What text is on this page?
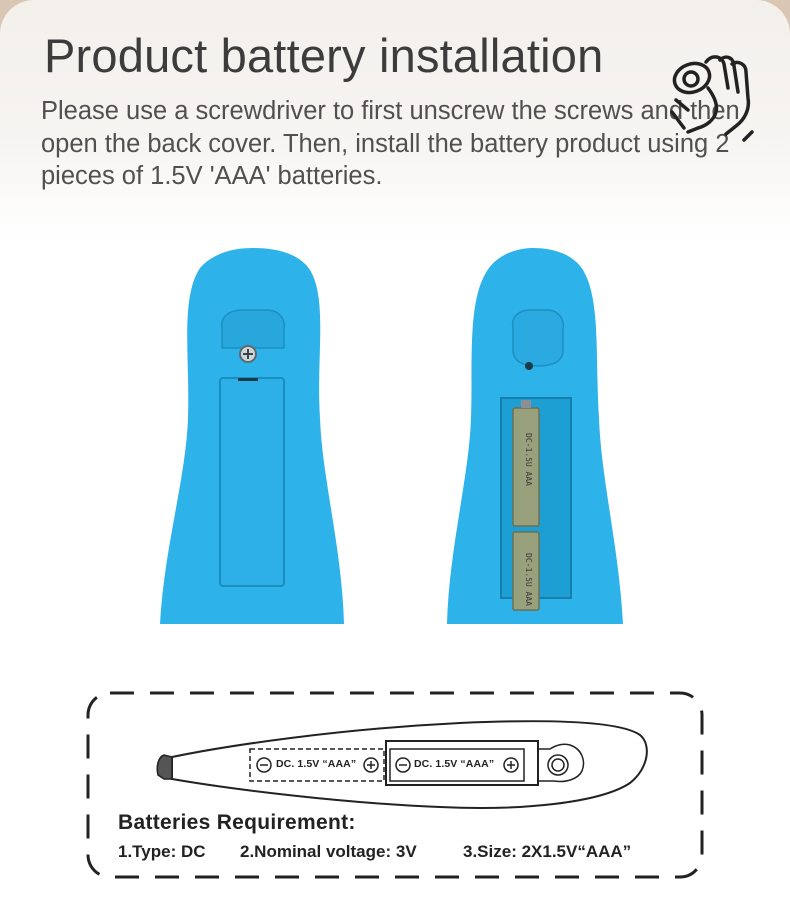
Product battery installation

Please use a screwdriver to first unscrew the screws and then open the back cover. Then, install the battery product using 2 pieces of 1.5V 'AAA' batteries.

DC-1.5U AAA
DC-1.5U AAA
DC. 1.5V “AAA”	DC. 1.5V “AAA”
Batteries Requirement:
1.Type: DC 2.Nominal voltage: 3V	3.Size: 2X1.5V“AAA”
